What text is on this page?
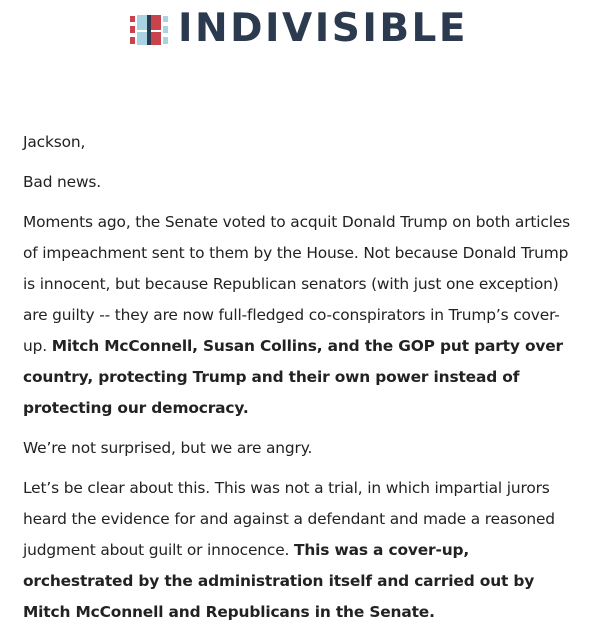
INDIVISIBLE

Jackson,

Bad news.

Moments ago, the Senate voted to acquit Donald Trump on both articles of impeachment sent to them by the House. Not because Donald Trump is innocent, but because Republican senators (with just one exception) are guilty -- they are now full-fledged co-conspirators in Trump’s cover-up. Mitch McConnell, Susan Collins, and the GOP put party over country, protecting Trump and their own power instead of protecting our democracy.

We’re not surprised, but we are angry.

Let’s be clear about this. This was not a trial, in which impartial jurors heard the evidence for and against a defendant and made a reasoned judgment about guilt or innocence. This was a cover-up, orchestrated by the administration itself and carried out by Mitch McConnell and Republicans in the Senate.
